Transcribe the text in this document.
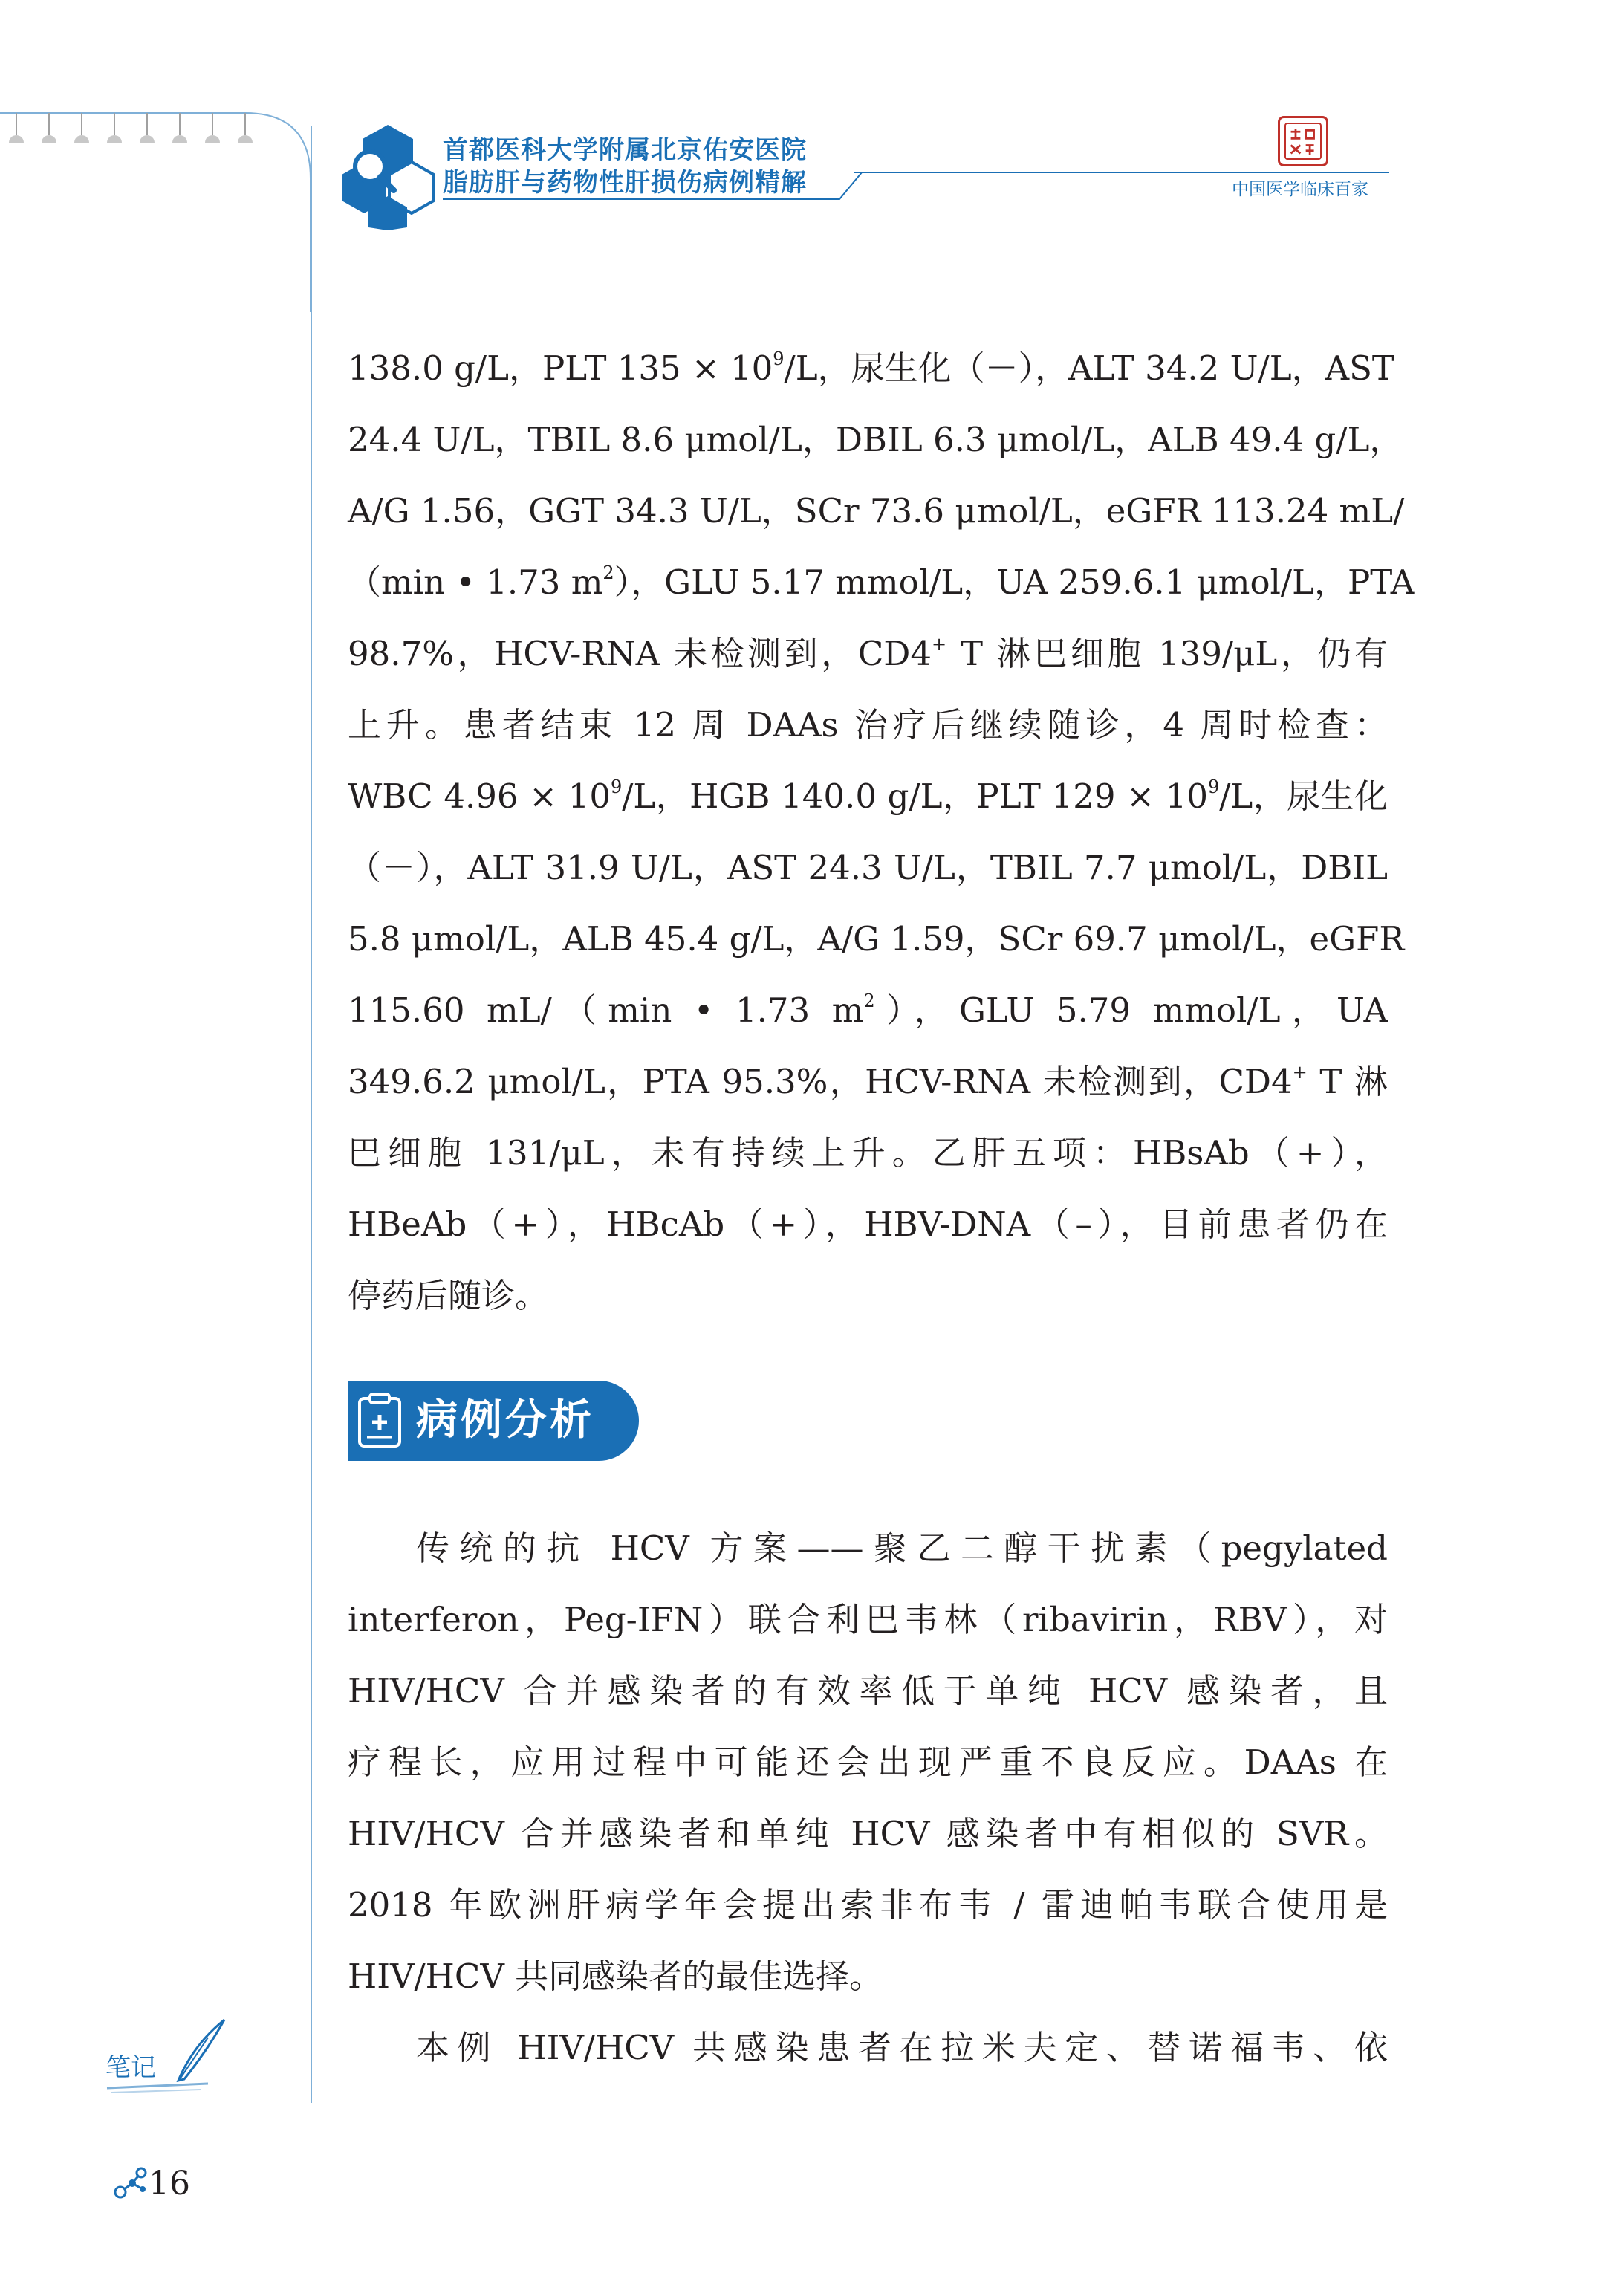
首都医科大学附属北京佑安医院
脂肪肝与药物性肝损伤病例精解	中国医学临床百家
138.0 g/L，PLT $135 \times 10^9/L$，尿生化（－），ALT 34.2 U/L，AST
24.4 U/L，TBIL 8.6 μmol/L，DBIL 6.3 μmol/L，ALB 49.4 g/L，
A/G 1.56，GGT 34.3 U/L，SCr 73.6 μmol/L，eGFR 113.24 mL/
（min • 1.73 $m^2$），GLU 5.17 mmol/L，UA 259.6.1 μmol/L，PTA
98.7%，HCV-RNA 未检测到，CD4+ T 淋巴细胞 139/μL，仍有
上升。患者结束 12 周 DAAs 治疗后继续随诊，4 周时检查：
WBC $4.96 \times 10^9/L$，HGB 140.0 g/L，PLT $129 \times 10^9/L$，尿生化
（－），ALT 31.9 U/L，AST 24.3 U/L，TBIL 7.7 μmol/L，DBIL
5.8 μmol/L，ALB 45.4 g/L，A/G 1.59，SCr 69.7 μmol/L，eGFR
115.60 mL/（min • 1.73 $m^2$），GLU 5.79 mmol/L，UA
349.6.2 μmol/L，PTA 95.3%，HCV-RNA 未检测到，CD4+ T 淋
巴细胞 131/μL，未有持续上升。乙肝五项：HBsAb（+），
HBeAb（+），HBcAb（+），HBV-DNA（–），目前患者仍在
停药后随诊。
病例分析
传统的抗 HCV 方案——聚乙二醇干扰素（pegylated
interferon，Peg-IFN）联合利巴韦林（ribavirin，RBV），对
HIV/HCV 合并感染者的有效率低于单纯 HCV 感染者，且
疗程长，应用过程中可能还会出现严重不良反应。DAAs 在
HIV/HCV 合并感染者和单纯 HCV 感染者中有相似的 SVR。
2018 年欧洲肝病学年会提出索非布韦 / 雷迪帕韦联合使用是
HIV/HCV 共同感染者的最佳选择。
本例 HIV/HCV 共感染患者在拉米夫定、替诺福韦、依
笔记
16
